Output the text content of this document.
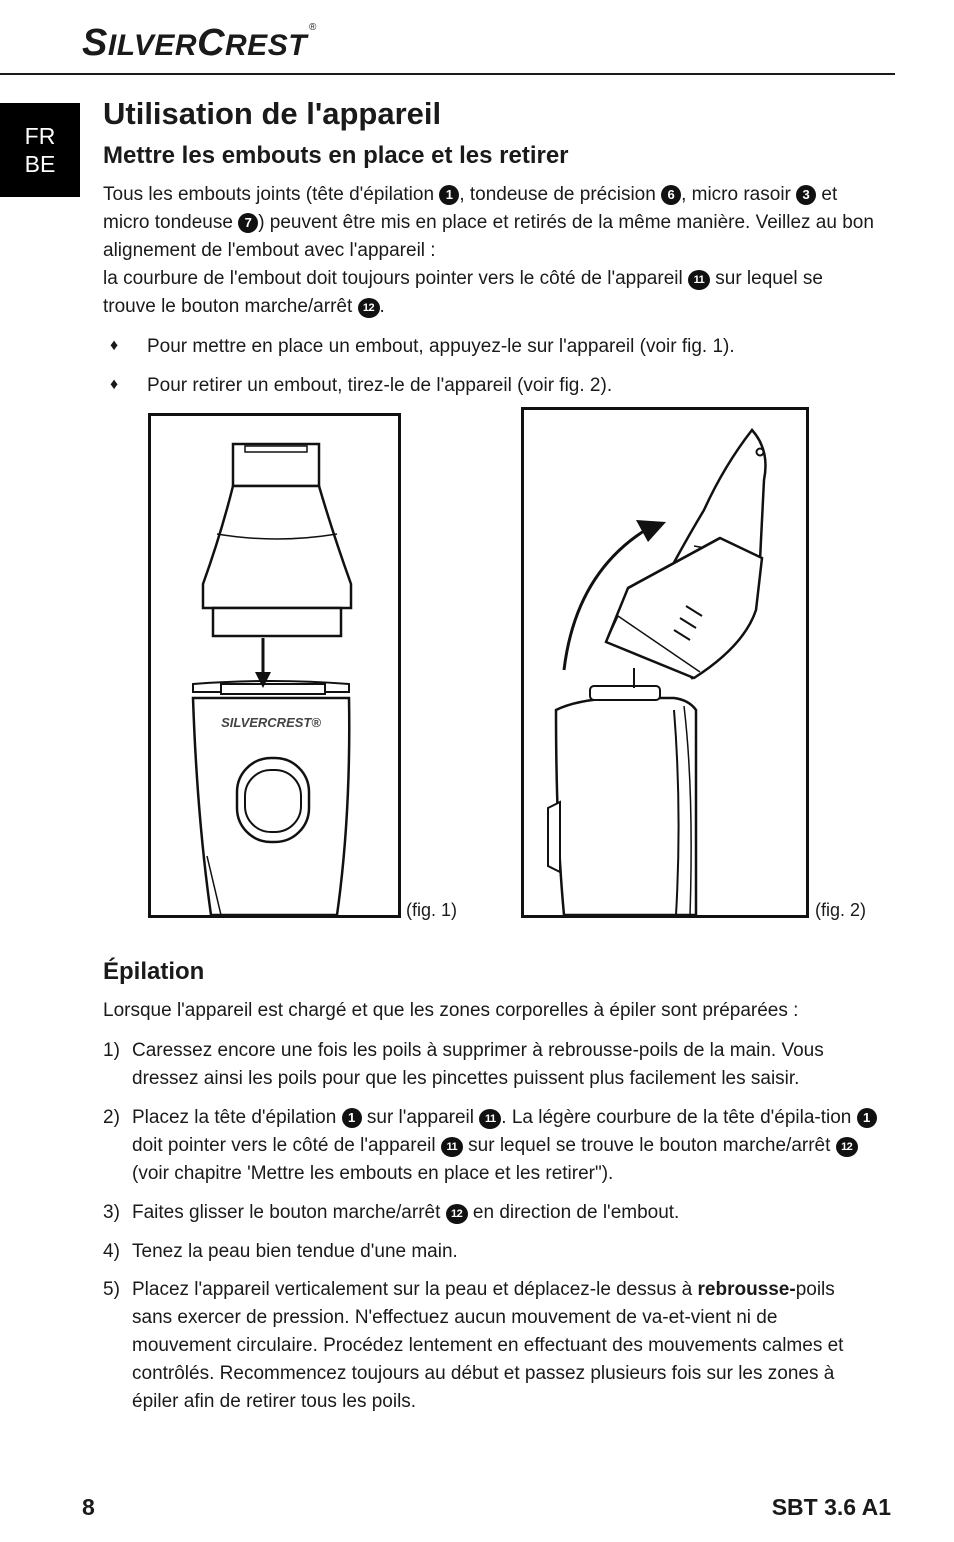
SILVERCREST®
FR
BE
Utilisation de l'appareil
Mettre les embouts en place et les retirer

Tous les embouts joints (tête d'épilation 1 , tondeuse de précision 6 , micro rasoir 3 et micro tondeuse 7 ) peuvent être mis en place et retirés de la même manière. Veillez au bon alignement de l'embout avec l'appareil :
la courbure de l'embout doit toujours pointer vers le côté de l'appareil 11 sur lequel se trouve le bouton marche/arrêt 12 .

♦ Pour mettre en place un embout, appuyez-le sur l'appareil (voir fig. 1).

♦ Pour retirer un embout, tirez-le de l'appareil (voir fig. 2).

SILVERCREST®
(fig. 1)	(fig. 2)
Épilation

Lorsque l'appareil est chargé et que les zones corporelles à épiler sont préparées :

1) Caressez encore une fois les poils à supprimer à rebrousse-poils de la main. Vous dressez ainsi les poils pour que les pincettes puissent plus facilement les saisir.
2) Placez la tête d'épilation 1 sur l'appareil 11 . La légère courbure de la tête d'épila-tion 1 doit pointer vers le côté de l'appareil 11 sur lequel se trouve le bouton marche/arrêt 12 (voir chapitre 'Mettre les embouts en place et les retirer").
3) Faites glisser le bouton marche/arrêt 12 en direction de l'embout.
4) Tenez la peau bien tendue d'une main.
5) Placez l'appareil verticalement sur la peau et déplacez-le dessus à rebrousse-poils sans exercer de pression. N'effectuez aucun mouvement de va-et-vient ni de mouvement circulaire. Procédez lentement en effectuant des mouvements calmes et contrôlés. Recommencez toujours au début et passez plusieurs fois sur les zones à épiler afin de retirer tous les poils.
8	SBT 3.6 A1
